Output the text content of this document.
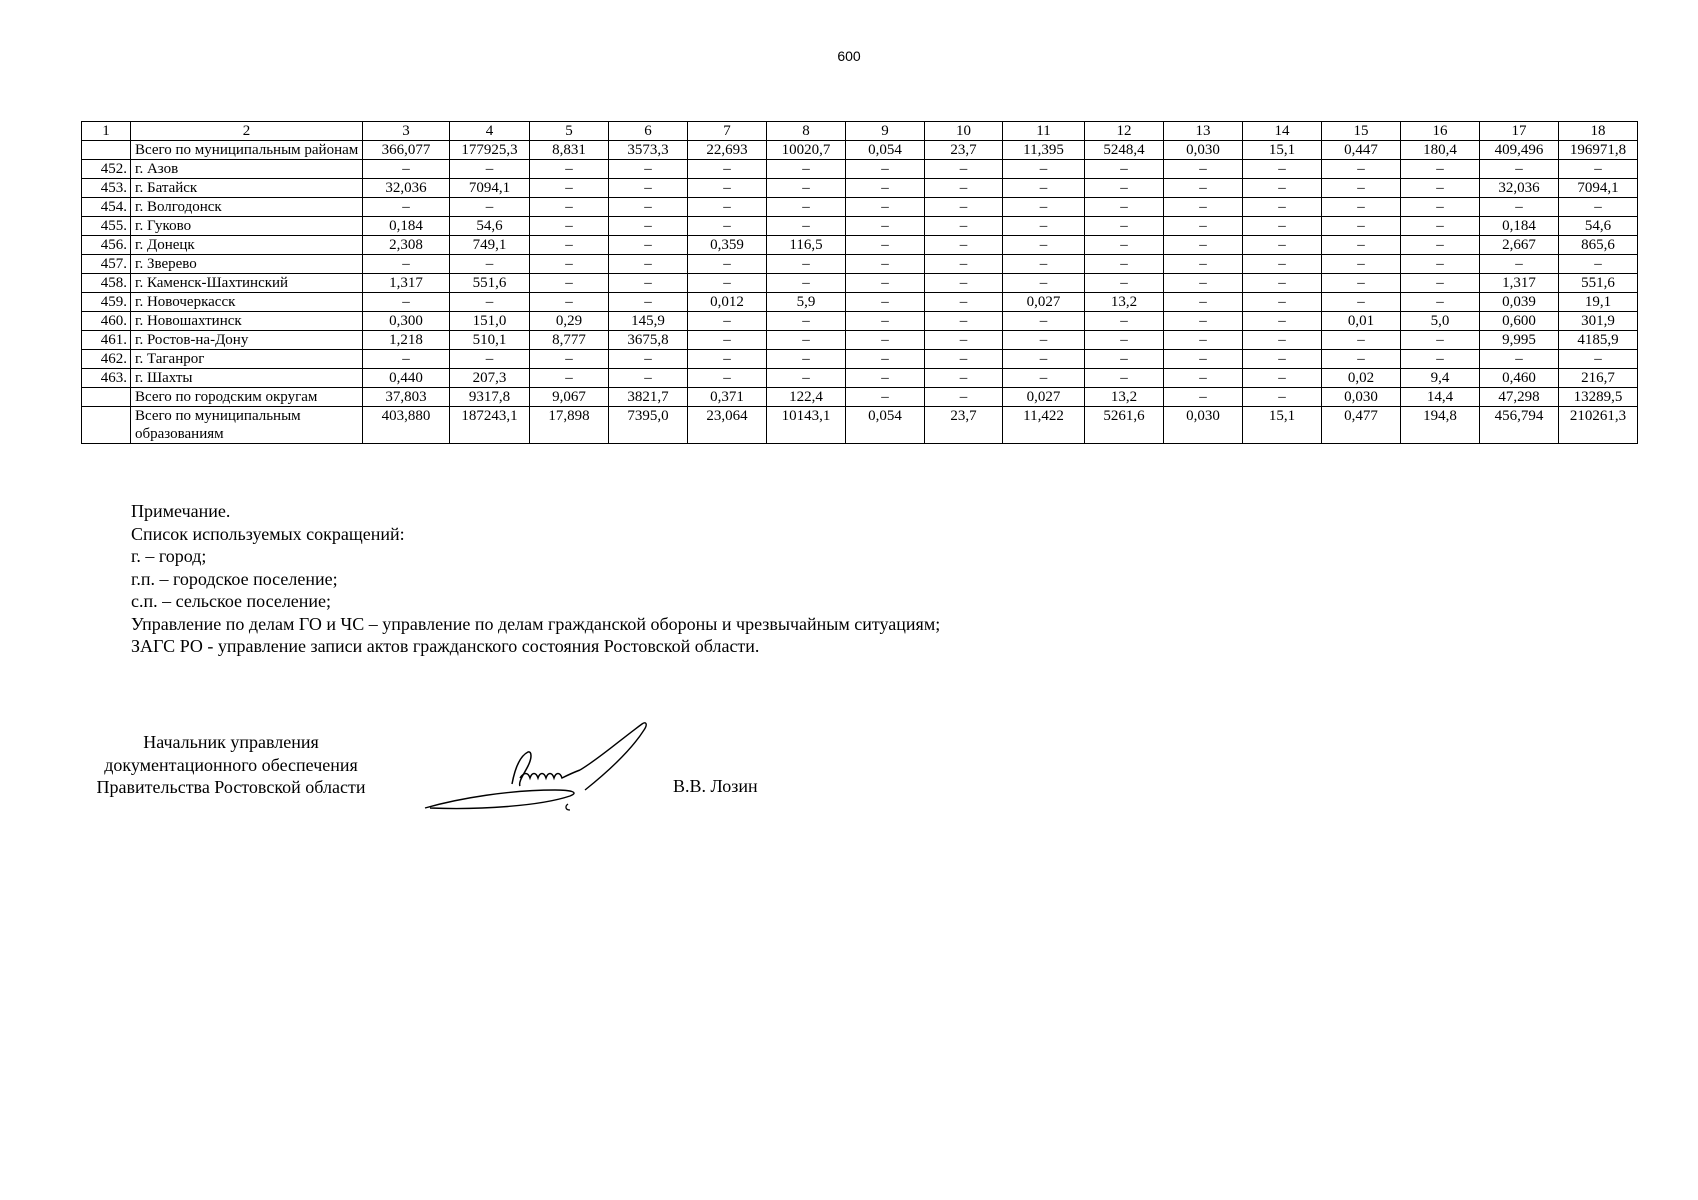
600
1	2	3	4	5	6	7	8	9	10	11	12	13	14	15	16	17	18
	Всего по муниципальным районам	366,077	177925,3	8,831	3573,3	22,693	10020,7	0,054	23,7	11,395	5248,4	0,030	15,1	0,447	180,4	409,496	196971,8
452.	г. Азов	–	–	–	–	–	–	–	–	–	–	–	–	–	–	–	–
453.	г. Батайск	32,036	7094,1	–	–	–	–	–	–	–	–	–	–	–	–	32,036	7094,1
454.	г. Волгодонск	–	–	–	–	–	–	–	–	–	–	–	–	–	–	–	–
455.	г. Гуково	0,184	54,6	–	–	–	–	–	–	–	–	–	–	–	–	0,184	54,6
456.	г. Донецк	2,308	749,1	–	–	0,359	116,5	–	–	–	–	–	–	–	–	2,667	865,6
457.	г. Зверево	–	–	–	–	–	–	–	–	–	–	–	–	–	–	–	–
458.	г. Каменск-Шахтинский	1,317	551,6	–	–	–	–	–	–	–	–	–	–	–	–	1,317	551,6
459.	г. Новочеркасск	–	–	–	–	0,012	5,9	–	–	0,027	13,2	–	–	–	–	0,039	19,1
460.	г. Новошахтинск	0,300	151,0	0,29	145,9	–	–	–	–	–	–	–	–	0,01	5,0	0,600	301,9
461.	г. Ростов-на-Дону	1,218	510,1	8,777	3675,8	–	–	–	–	–	–	–	–	–	–	9,995	4185,9
462.	г. Таганрог	–	–	–	–	–	–	–	–	–	–	–	–	–	–	–	–
463.	г. Шахты	0,440	207,3	–	–	–	–	–	–	–	–	–	–	0,02	9,4	0,460	216,7
	Всего по городским округам	37,803	9317,8	9,067	3821,7	0,371	122,4	–	–	0,027	13,2	–	–	0,030	14,4	47,298	13289,5
	Всего по муниципальным образованиям	403,880	187243,1	17,898	7395,0	23,064	10143,1	0,054	23,7	11,422	5261,6	0,030	15,1	0,477	194,8	456,794	210261,3
Примечание.
Список используемых сокращений:
г. – город;
г.п. – городское поселение;
с.п. – сельское поселение;
Управление по делам ГО и ЧС – управление по делам гражданской обороны и чрезвычайным ситуациям;
ЗАГС РО - управление записи актов гражданского состояния Ростовской области.
Начальник управления
документационного обеспечения
Правительства Ростовской области	В.В. Лозин
